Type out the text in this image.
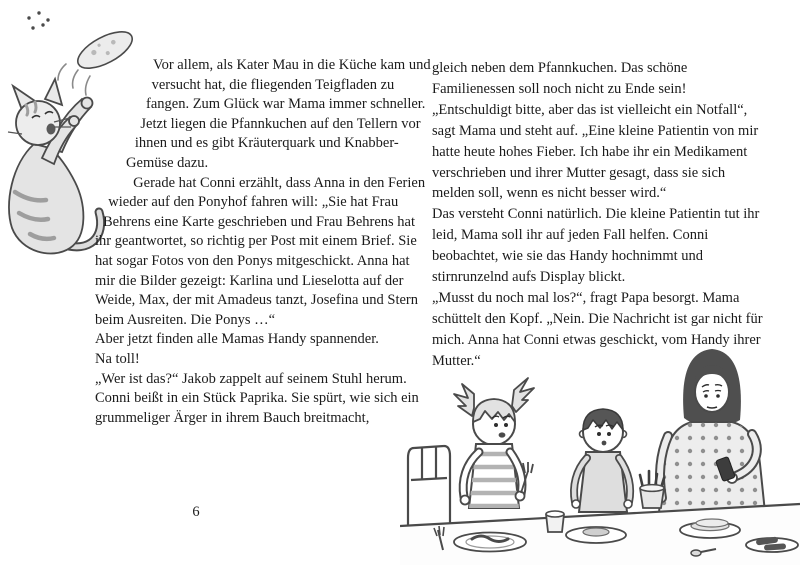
Vor allem, als Kater Mau in die Küche kam und versucht hat, die fliegenden Teigfladen zu fangen. Zum Glück war Mama immer schneller. Jetzt liegen die Pfannkuchen auf den Tellern vor ihnen und es gibt Kräuterquark und Knabber-Gemüse dazu.

Gerade hat Conni erzählt, dass Anna in den Ferien wieder auf den Ponyhof fahren will: „Sie hat Frau Behrens eine Karte geschrieben und Frau Behrens hat ihr geantwortet, so richtig per Post mit einem Brief. Sie hat sogar Fotos von den Ponys mitgeschickt. Anna hat mir die Bilder gezeigt: Karlina und Lieselotta auf der Weide, Max, der mit Amadeus tanzt, Josefina und Stern beim Ausreiten. Die Ponys …“

Aber jetzt finden alle Mamas Handy spannender.

Na toll!

„Wer ist das?“ Jakob zappelt auf seinem Stuhl herum. Conni beißt in ein Stück Paprika. Sie spürt, wie sich ein grummeliger Ärger in ihrem Bauch breitmacht,

6

gleich neben dem Pfannkuchen. Das schöne Familienessen soll noch nicht zu Ende sein!

„Entschuldigt bitte, aber das ist vielleicht ein Notfall“, sagt Mama und steht auf. „Eine kleine Patientin von mir hatte heute hohes Fieber. Ich habe ihr ein Medikament verschrieben und ihrer Mutter gesagt, dass sie sich melden soll, wenn es nicht besser wird.“

Das versteht Conni natürlich. Die kleine Patientin tut ihr leid, Mama soll ihr auf jeden Fall helfen. Conni beobachtet, wie sie das Handy hochnimmt und stirnrunzelnd aufs Display blickt.

„Musst du noch mal los?“, fragt Papa besorgt. Mama schüttelt den Kopf. „Nein. Die Nachricht ist gar nicht für mich. Anna hat Conni etwas geschickt, vom Handy ihrer Mutter.“
